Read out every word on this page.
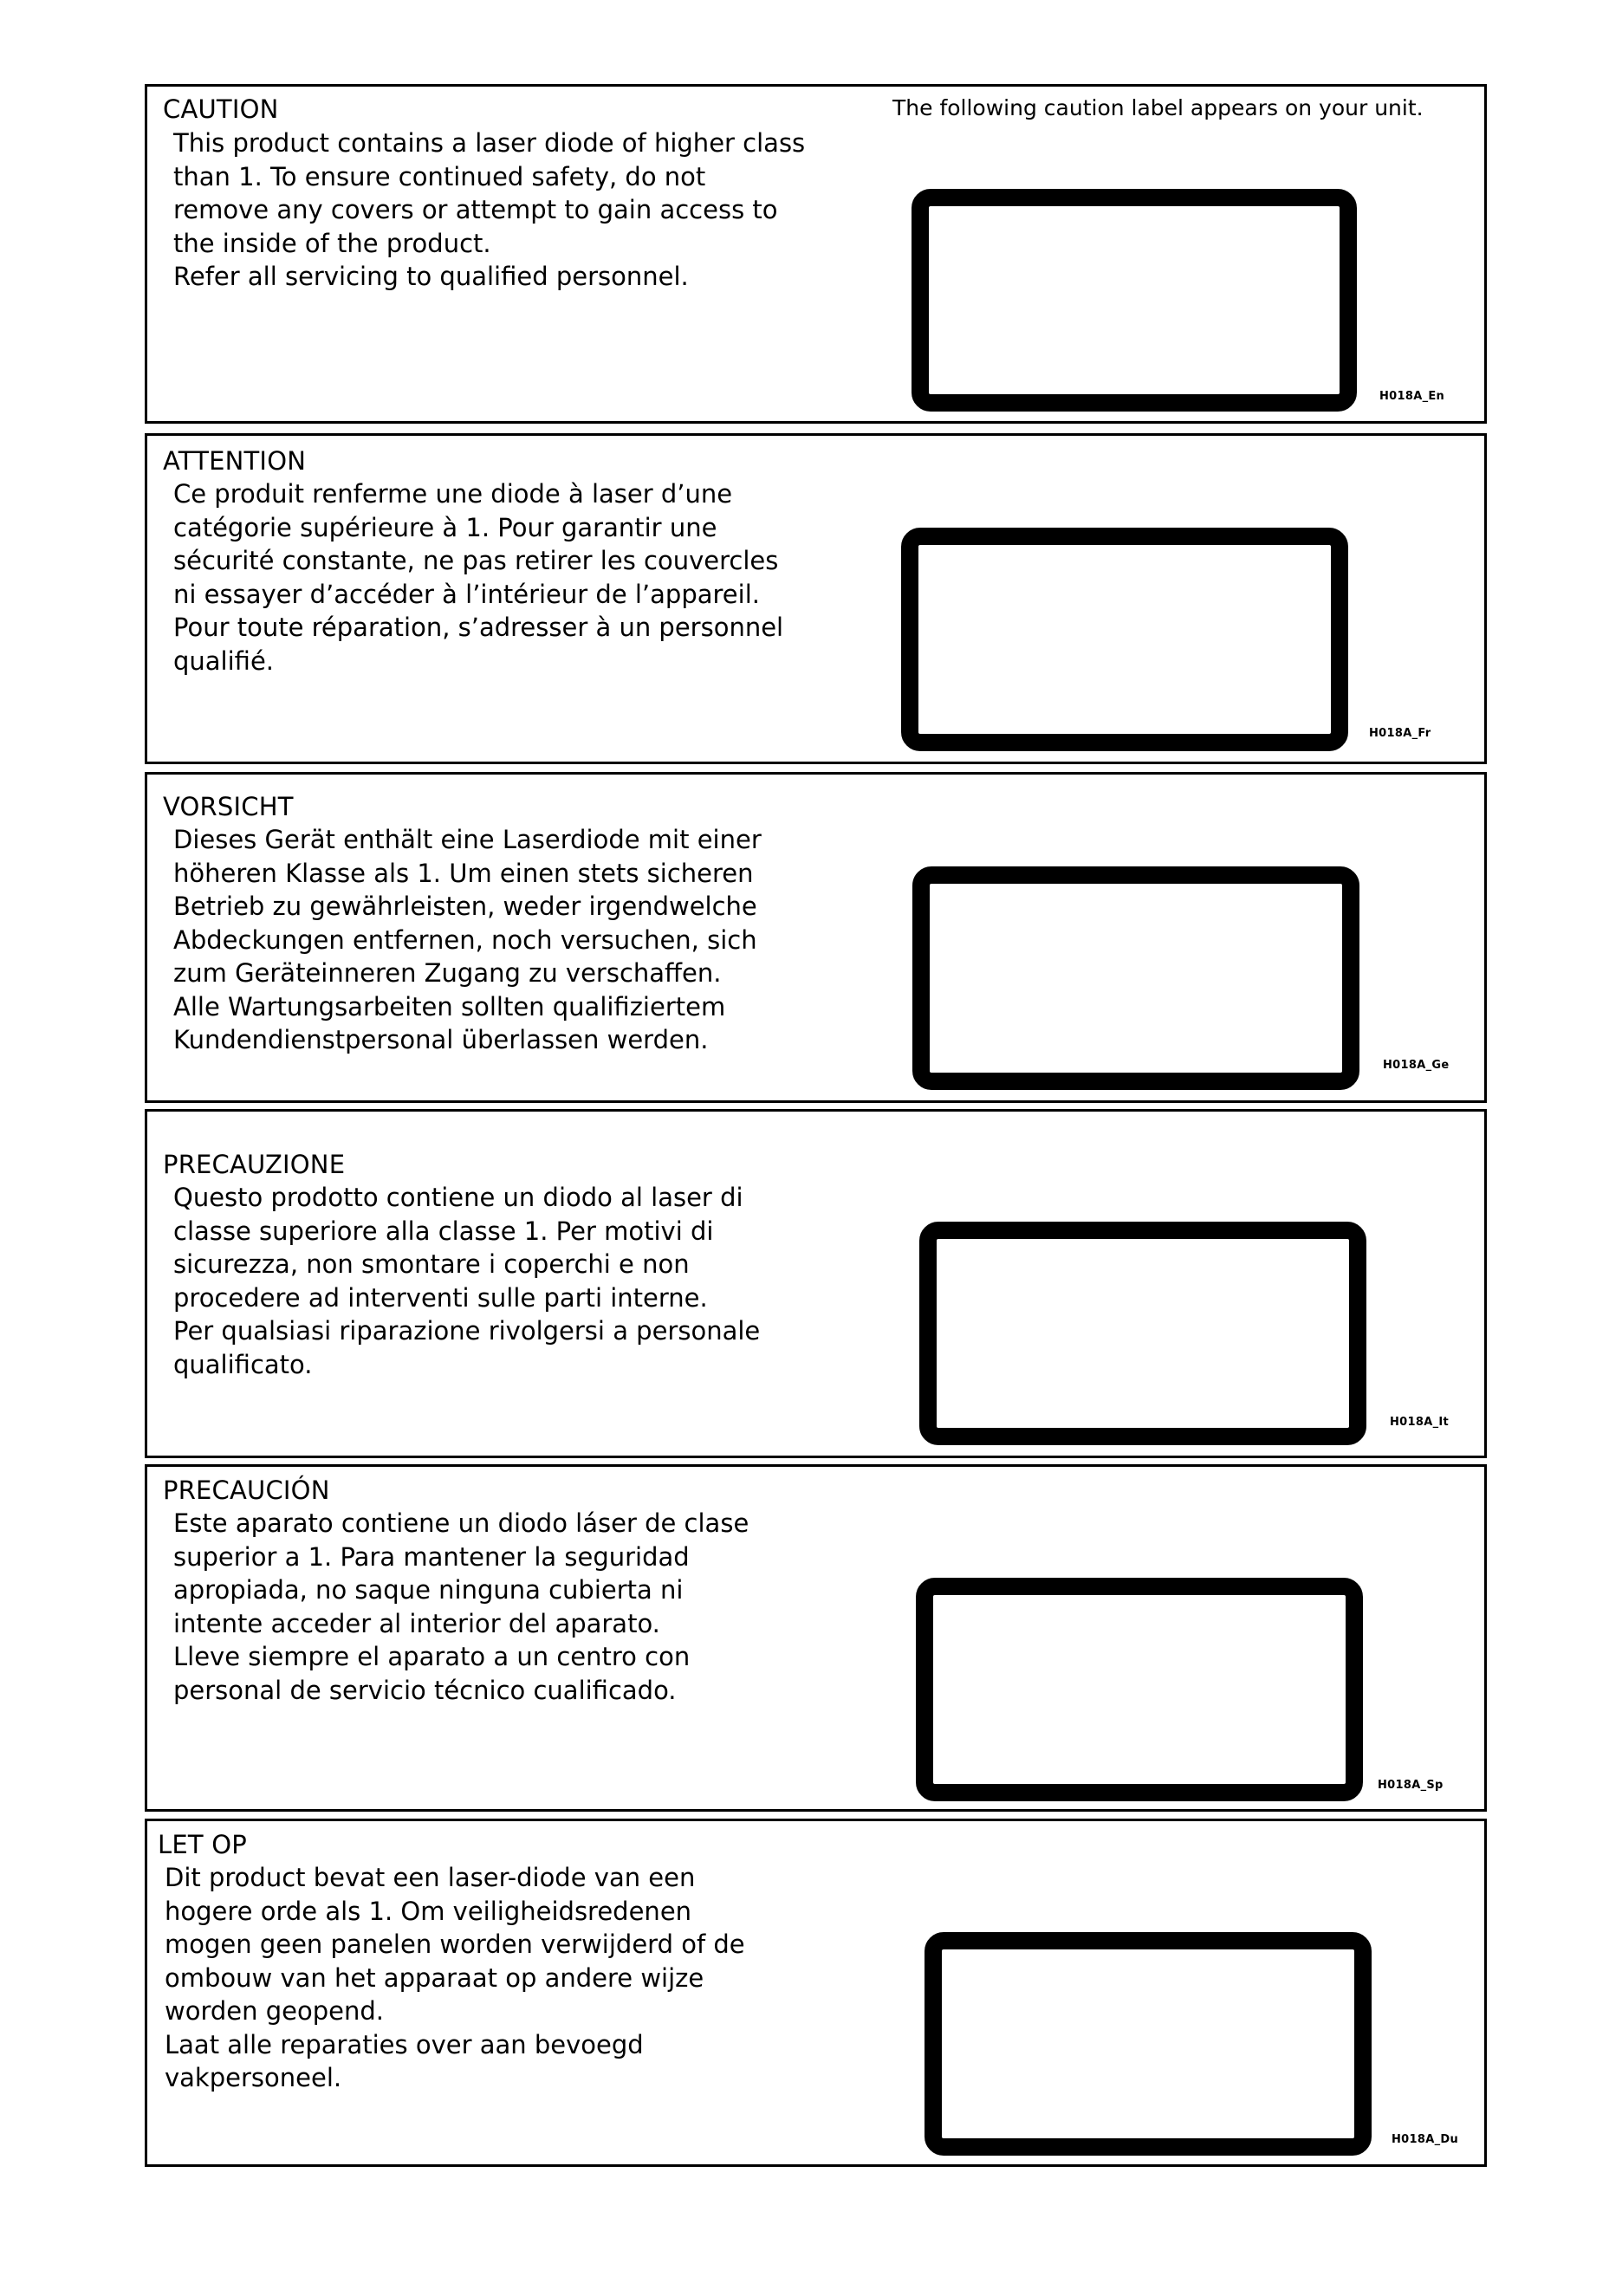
CAUTION

This product contains a laser diode of higher class than 1. To ensure continued safety, do not remove any covers or attempt to gain access to the inside of the product.

Refer all servicing to qualified personnel.

The following caution label appears on your unit.
H018A_En
ATTENTION

Ce produit renferme une diode à laser d’une catégorie supérieure à 1. Pour garantir une sécurité constante, ne pas retirer les couvercles ni essayer d’accéder à l’intérieur de l’appareil.

Pour toute réparation, s’adresser à un personnel qualifié.

H018A_Fr
VORSICHT

Dieses Gerät enthält eine Laserdiode mit einer höheren Klasse als 1. Um einen stets sicheren Betrieb zu gewährleisten, weder irgendwelche Abdeckungen entfernen, noch versuchen, sich zum Geräteinneren Zugang zu verschaffen.

Alle Wartungsarbeiten sollten qualifiziertem Kundendienstpersonal überlassen werden.

H018A_Ge
PRECAUZIONE

Questo prodotto contiene un diodo al laser di classe superiore alla classe 1. Per motivi di sicurezza, non smontare i coperchi e non procedere ad interventi sulle parti interne.

Per qualsiasi riparazione rivolgersi a personale qualificato.

H018A_It
PRECAUCIÓN

Este aparato contiene un diodo láser de clase superior a 1. Para mantener la seguridad apropiada, no saque ninguna cubierta ni intente acceder al interior del aparato.

Lleve siempre el aparato a un centro con personal de servicio técnico cualificado.

H018A_Sp
LET OP

Dit product bevat een laser-diode van een hogere orde als 1. Om veiligheidsredenen mogen geen panelen worden verwijderd of de ombouw van het apparaat op andere wijze worden geopend.

Laat alle reparaties over aan bevoegd vakpersoneel.

H018A_Du
